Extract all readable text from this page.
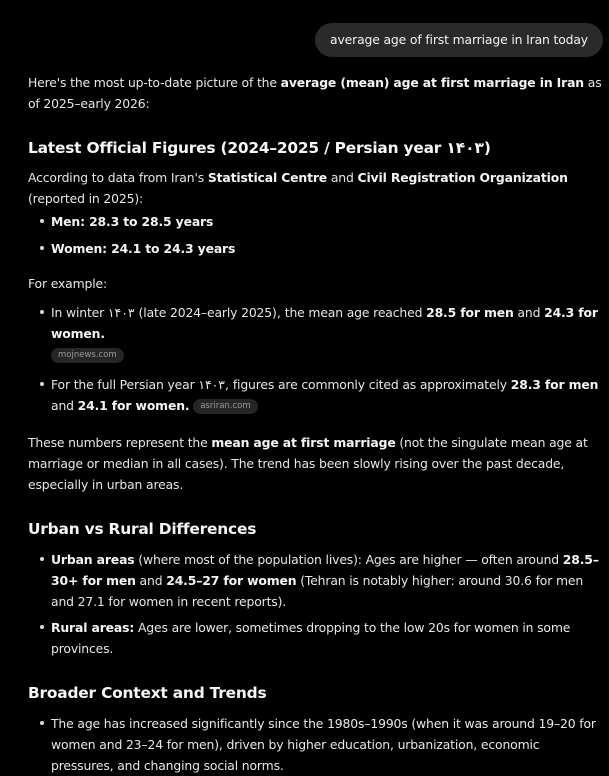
average age of first marriage in Iran today

Here's the most up-to-date picture of the average (mean) age at first marriage in Iran as of 2025–early 2026:

Latest Official Figures (2024–2025 / Persian year ۱۴۰۳)

According to data from Iran's Statistical Centre and Civil Registration Organization (reported in 2025):

Men: 28.3 to 28.5 years
Women: 24.1 to 24.3 years

For example:

In winter ۱۴۰۳ (late 2024–early 2025), the mean age reached 28.5 for men and 24.3 for women.
mojnews.com
For the full Persian year ۱۴۰۳, figures are commonly cited as approximately 28.3 for men and 24.1 for women. asriran.com

These numbers represent the mean age at first marriage (not the singulate mean age at marriage or median in all cases). The trend has been slowly rising over the past decade, especially in urban areas.

Urban vs Rural Differences
Urban areas (where most of the population lives): Ages are higher — often around 28.5–30+ for men and 24.5–27 for women (Tehran is notably higher: around 30.6 for men and 27.1 for women in recent reports).
Rural areas: Ages are lower, sometimes dropping to the low 20s for women in some provinces.
Broader Context and Trends
The age has increased significantly since the 1980s–1990s (when it was around 19–20 for women and 23–24 for men), driven by higher education, urbanization, economic pressures, and changing social norms.
